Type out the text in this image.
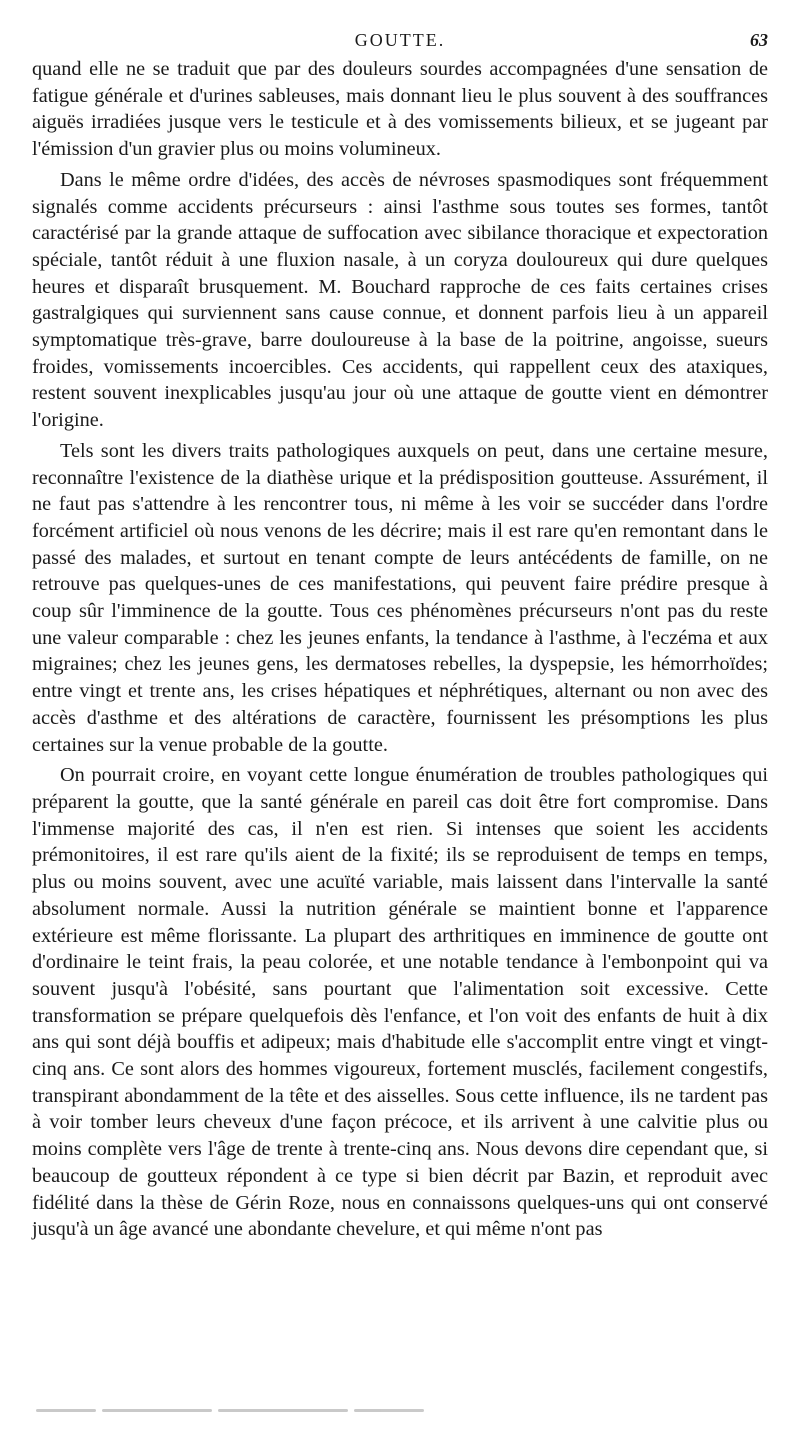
GOUTTE.	63

quand elle ne se traduit que par des douleurs sourdes accompagnées d'une sensation de fatigue générale et d'urines sableuses, mais donnant lieu le plus souvent à des souffrances aiguës irradiées jusque vers le testicule et à des vomissements bilieux, et se jugeant par l'émission d'un gravier plus ou moins volumineux.

Dans le même ordre d'idées, des accès de névroses spasmodiques sont fréquemment signalés comme accidents précurseurs : ainsi l'asthme sous toutes ses formes, tantôt caractérisé par la grande attaque de suffocation avec sibilance thoracique et expectoration spéciale, tantôt réduit à une fluxion nasale, à un coryza douloureux qui dure quelques heures et disparaît brusquement. M. Bouchard rapproche de ces faits certaines crises gastralgiques qui surviennent sans cause connue, et donnent parfois lieu à un appareil symptomatique très-grave, barre douloureuse à la base de la poitrine, angoisse, sueurs froides, vomissements incoercibles. Ces accidents, qui rappellent ceux des ataxiques, restent souvent inexplicables jusqu'au jour où une attaque de goutte vient en démontrer l'origine.

Tels sont les divers traits pathologiques auxquels on peut, dans une certaine mesure, reconnaître l'existence de la diathèse urique et la prédisposition goutteuse. Assurément, il ne faut pas s'attendre à les rencontrer tous, ni même à les voir se succéder dans l'ordre forcément artificiel où nous venons de les décrire; mais il est rare qu'en remontant dans le passé des malades, et surtout en tenant compte de leurs antécédents de famille, on ne retrouve pas quelques-unes de ces manifestations, qui peuvent faire prédire presque à coup sûr l'imminence de la goutte. Tous ces phénomènes précurseurs n'ont pas du reste une valeur comparable : chez les jeunes enfants, la tendance à l'asthme, à l'eczéma et aux migraines; chez les jeunes gens, les dermatoses rebelles, la dyspepsie, les hémorrhoïdes; entre vingt et trente ans, les crises hépatiques et néphrétiques, alternant ou non avec des accès d'asthme et des altérations de caractère, fournissent les présomptions les plus certaines sur la venue probable de la goutte.

On pourrait croire, en voyant cette longue énumération de troubles pathologiques qui préparent la goutte, que la santé générale en pareil cas doit être fort compromise. Dans l'immense majorité des cas, il n'en est rien. Si intenses que soient les accidents prémonitoires, il est rare qu'ils aient de la fixité; ils se reproduisent de temps en temps, plus ou moins souvent, avec une acuïté variable, mais laissent dans l'intervalle la santé absolument normale. Aussi la nutrition générale se maintient bonne et l'apparence extérieure est même florissante. La plupart des arthritiques en imminence de goutte ont d'ordinaire le teint frais, la peau colorée, et une notable tendance à l'embonpoint qui va souvent jusqu'à l'obésité, sans pourtant que l'alimentation soit excessive. Cette transformation se prépare quelquefois dès l'enfance, et l'on voit des enfants de huit à dix ans qui sont déjà bouffis et adipeux; mais d'habitude elle s'accomplit entre vingt et vingt-cinq ans. Ce sont alors des hommes vigoureux, fortement musclés, facilement congestifs, transpirant abondamment de la tête et des aisselles. Sous cette influence, ils ne tardent pas à voir tomber leurs cheveux d'une façon précoce, et ils arrivent à une calvitie plus ou moins complète vers l'âge de trente à trente-cinq ans. Nous devons dire cependant que, si beaucoup de goutteux répondent à ce type si bien décrit par Bazin, et reproduit avec fidélité dans la thèse de Gérin Roze, nous en connaissons quelques-uns qui ont conservé jusqu'à un âge avancé une abondante chevelure, et qui même n'ont pas
